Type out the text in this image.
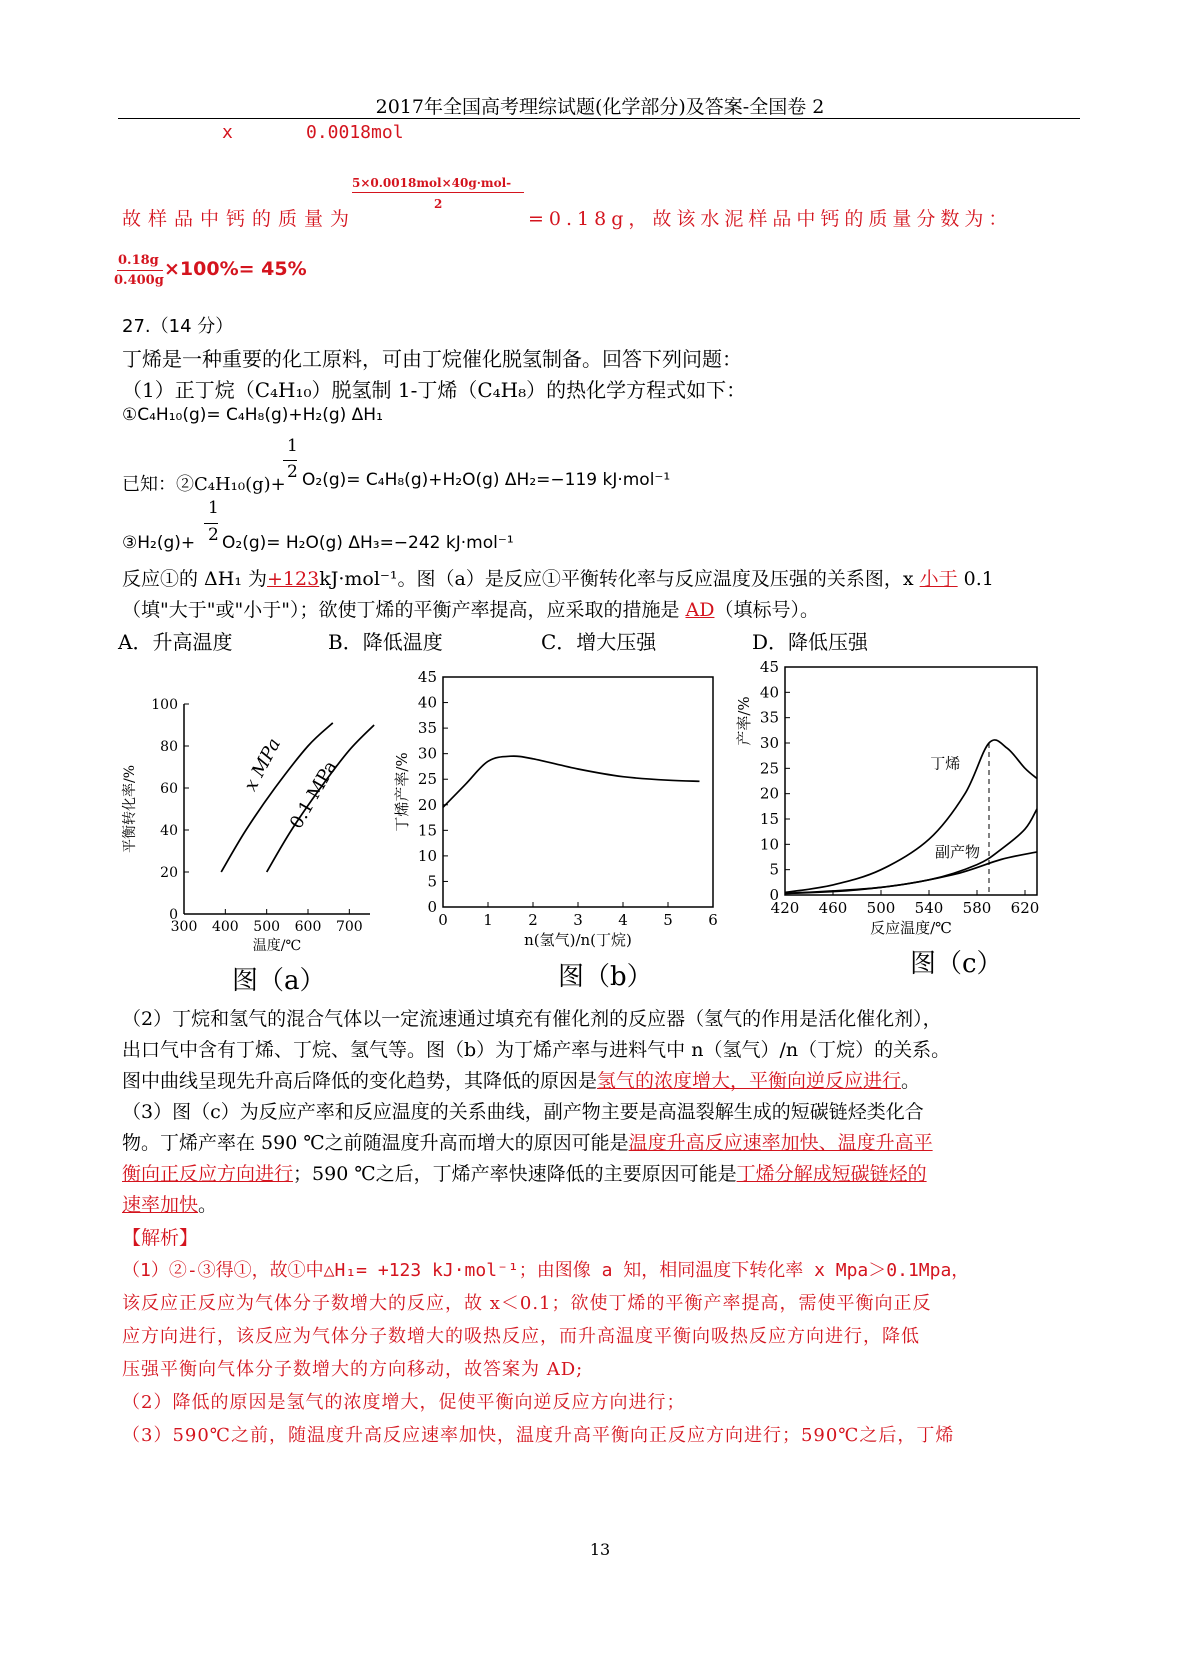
2017年全国高考理综试题(化学部分)及答案-全国卷 2
x	0.0018mol
5×0.0018mol×40g·mol-
2
故样品中钙的质量为	=0.18g，故该水泥样品中钙的质量分数为：
0.18g
0.400g
×100%= 45%
27.（14 分）
丁烯是一种重要的化工原料，可由丁烷催化脱氢制备。回答下列问题：
（1）正丁烷（C₄H₁₀）脱氢制 1-丁烯（C₄H₈）的热化学方程式如下：
①C₄H₁₀(g)= C₄H₈(g)+H₂(g) ΔH₁
1
2
已知：②C₄H₁₀(g)+ O₂(g)= C₄H₈(g)+H₂O(g) ΔH₂=−119 kJ·mol⁻¹
1
2
③H₂(g)+ O₂(g)= H₂O(g) ΔH₃=−242 kJ·mol⁻¹
反应①的 ΔH₁ 为+123kJ·mol⁻¹。图（a）是反应①平衡转化率与反应温度及压强的关系图，x 小于 0.1
（填"大于"或"小于"）；欲使丁烯的平衡产率提高，应采取的措施是 AD（填标号）。
A．升高温度	B．降低温度	C．增大压强	D．降低压强
0
20
40
60
80
100
300 400 500 600 700
温度/℃
平衡转化率/%
x MPa 0.1 MPa
图（a）
0
5
10
15
20
25
30
35
40
45
0 1 2 3 4 5 6
n(氢气)/n(丁烷)
丁烯产率/%
图（b）
0
5
10
15
20
25
30
35
40
45
420 460 500 540 580 620
反应温度/℃
产率/%
丁烯
副产物
图（c）
（2）丁烷和氢气的混合气体以一定流速通过填充有催化剂的反应器（氢气的作用是活化催化剂），
出口气中含有丁烯、丁烷、氢气等。图（b）为丁烯产率与进料气中 n（氢气）/n（丁烷）的关系。
图中曲线呈现先升高后降低的变化趋势，其降低的原因是氢气的浓度增大，平衡向逆反应进行。
（3）图（c）为反应产率和反应温度的关系曲线，副产物主要是高温裂解生成的短碳链烃类化合
物。丁烯产率在 590 ℃之前随温度升高而增大的原因可能是温度升高反应速率加快、温度升高平
衡向正反应方向进行；590 ℃之后，丁烯产率快速降低的主要原因可能是丁烯分解成短碳链烃的
速率加快。
【解析】
（1）②-③得①，故①中△H₁= +123 kJ·mol⁻¹；由图像 a 知，相同温度下转化率 x Mpa＞0.1Mpa，
该反应正反应为气体分子数增大的反应，故 x＜0.1；欲使丁烯的平衡产率提高，需使平衡向正反
应方向进行，该反应为气体分子数增大的吸热反应，而升高温度平衡向吸热反应方向进行，降低
压强平衡向气体分子数增大的方向移动，故答案为 AD;
（2）降低的原因是氢气的浓度增大，促使平衡向逆反应方向进行；
（3）590℃之前，随温度升高反应速率加快，温度升高平衡向正反应方向进行；590℃之后，丁烯
13
